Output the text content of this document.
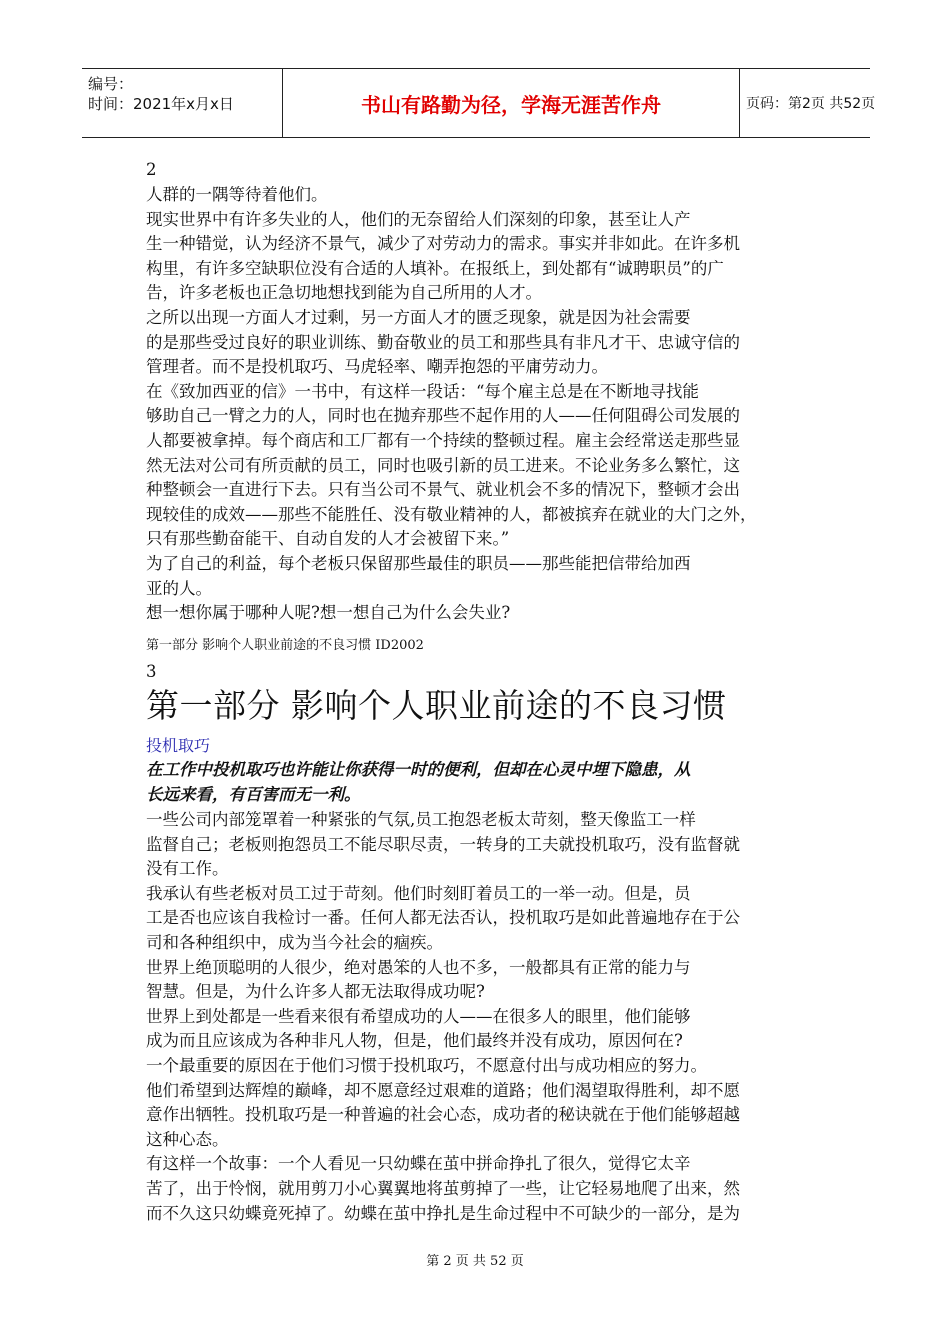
编号：
时间：2021年x月x日	书山有路勤为径，学海无涯苦作舟	页码：第2页 共52页
2
人群的一隅等待着他们。
现实世界中有许多失业的人，他们的无奈留给人们深刻的印象，甚至让人产
生一种错觉，认为经济不景气，减少了对劳动力的需求。事实并非如此。在许多机
构里，有许多空缺职位没有合适的人填补。在报纸上，到处都有“诚聘职员”的广
告，许多老板也正急切地想找到能为自己所用的人才。
之所以出现一方面人才过剩，另一方面人才的匮乏现象，就是因为社会需要
的是那些受过良好的职业训练、勤奋敬业的员工和那些具有非凡才干、忠诚守信的
管理者。而不是投机取巧、马虎轻率、嘲弄抱怨的平庸劳动力。
在《致加西亚的信》一书中，有这样一段话：“每个雇主总是在不断地寻找能
够助自己一臂之力的人，同时也在抛弃那些不起作用的人——任何阻碍公司发展的
人都要被拿掉。每个商店和工厂都有一个持续的整顿过程。雇主会经常送走那些显
然无法对公司有所贡献的员工，同时也吸引新的员工进来。不论业务多么繁忙，这
种整顿会一直进行下去。只有当公司不景气、就业机会不多的情况下，整顿才会出
现较佳的成效——那些不能胜任、没有敬业精神的人，都被摈弃在就业的大门之外，
只有那些勤奋能干、自动自发的人才会被留下来。”
为了自己的利益，每个老板只保留那些最佳的职员——那些能把信带给加西
亚的人。
想一想你属于哪种人呢?想一想自己为什么会失业?
第一部分 影响个人职业前途的不良习惯 ID2002
3
第一部分 影响个人职业前途的不良习惯
投机取巧
在工作中投机取巧也许能让你获得一时的便利，但却在心灵中埋下隐患，从
长远来看，有百害而无一利。
一些公司内部笼罩着一种紧张的气氛,员工抱怨老板太苛刻，整天像监工一样
监督自己；老板则抱怨员工不能尽职尽责，一转身的工夫就投机取巧，没有监督就
没有工作。
我承认有些老板对员工过于苛刻。他们时刻盯着员工的一举一动。但是，员
工是否也应该自我检讨一番。任何人都无法否认，投机取巧是如此普遍地存在于公
司和各种组织中，成为当今社会的痼疾。
世界上绝顶聪明的人很少，绝对愚笨的人也不多，一般都具有正常的能力与
智慧。但是，为什么许多人都无法取得成功呢?
世界上到处都是一些看来很有希望成功的人——在很多人的眼里，他们能够
成为而且应该成为各种非凡人物，但是，他们最终并没有成功，原因何在?
一个最重要的原因在于他们习惯于投机取巧，不愿意付出与成功相应的努力。
他们希望到达辉煌的巅峰，却不愿意经过艰难的道路；他们渴望取得胜利，却不愿
意作出牺牲。投机取巧是一种普遍的社会心态，成功者的秘诀就在于他们能够超越
这种心态。
有这样一个故事：一个人看见一只幼蝶在茧中拼命挣扎了很久，觉得它太辛
苦了，出于怜悯，就用剪刀小心翼翼地将茧剪掉了一些，让它轻易地爬了出来，然
而不久这只幼蝶竟死掉了。幼蝶在茧中挣扎是生命过程中不可缺少的一部分，是为
第 2 页 共 52 页
